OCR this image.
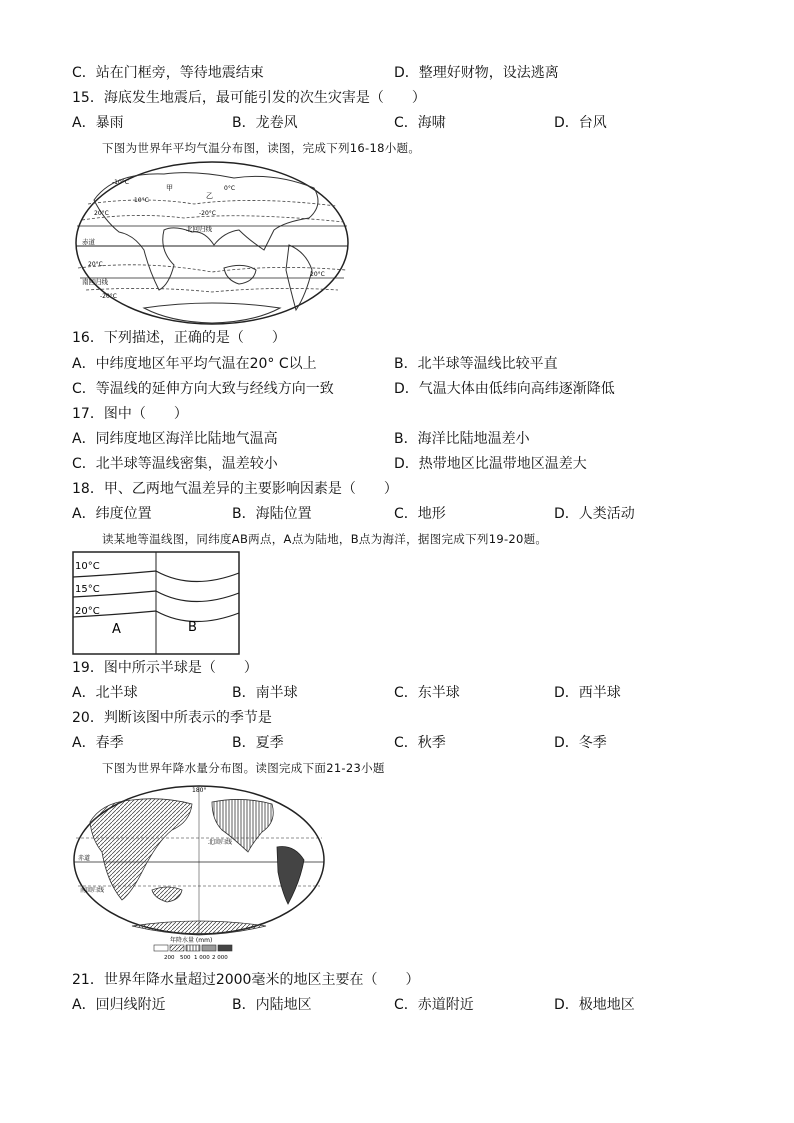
C．站在门框旁，等待地震结束	D．整理好财物，设法逃离
15．海底发生地震后，最可能引发的次生灾害是（　　）
A．暴雨	B．龙卷风	C．海啸	D．台风
下图为世界年平均气温分布图，读图，完成下列16-18小题。
北回归线
赤道
南回归线
甲
乙
-10°C
0°C
10°C
20°C	-20°C
20°C
20°C
-20°C
16．下列描述，正确的是（　　）
A．中纬度地区年平均气温在20° C以上	B．北半球等温线比较平直
C．等温线的延伸方向大致与经线方向一致	D．气温大体由低纬向高纬逐渐降低
17．图中（　　）
A．同纬度地区海洋比陆地气温高	B．海洋比陆地温差小
C．北半球等温线密集，温差较小	D．热带地区比温带地区温差大
18．甲、乙两地气温差异的主要影响因素是（　　）
A．纬度位置	B．海陆位置	C．地形	D．人类活动
读某地等温线图，同纬度AB两点，A点为陆地，B点为海洋，据图完成下列19-20题。
10°C
15°C
20°C
A	B
19．图中所示半球是（　　）
A．北半球	B．南半球	C．东半球	D．西半球
20．判断该图中所表示的季节是
A．春季	B．夏季	C．秋季	D．冬季
下图为世界年降水量分布图。读图完成下面21-23小题
北回归线
赤道
南回归线
180°
年降水量 (mm)
200 500 1 000 2 000
21．世界年降水量超过2000毫米的地区主要在（　　）
A．回归线附近	B．内陆地区	C．赤道附近	D．极地地区
